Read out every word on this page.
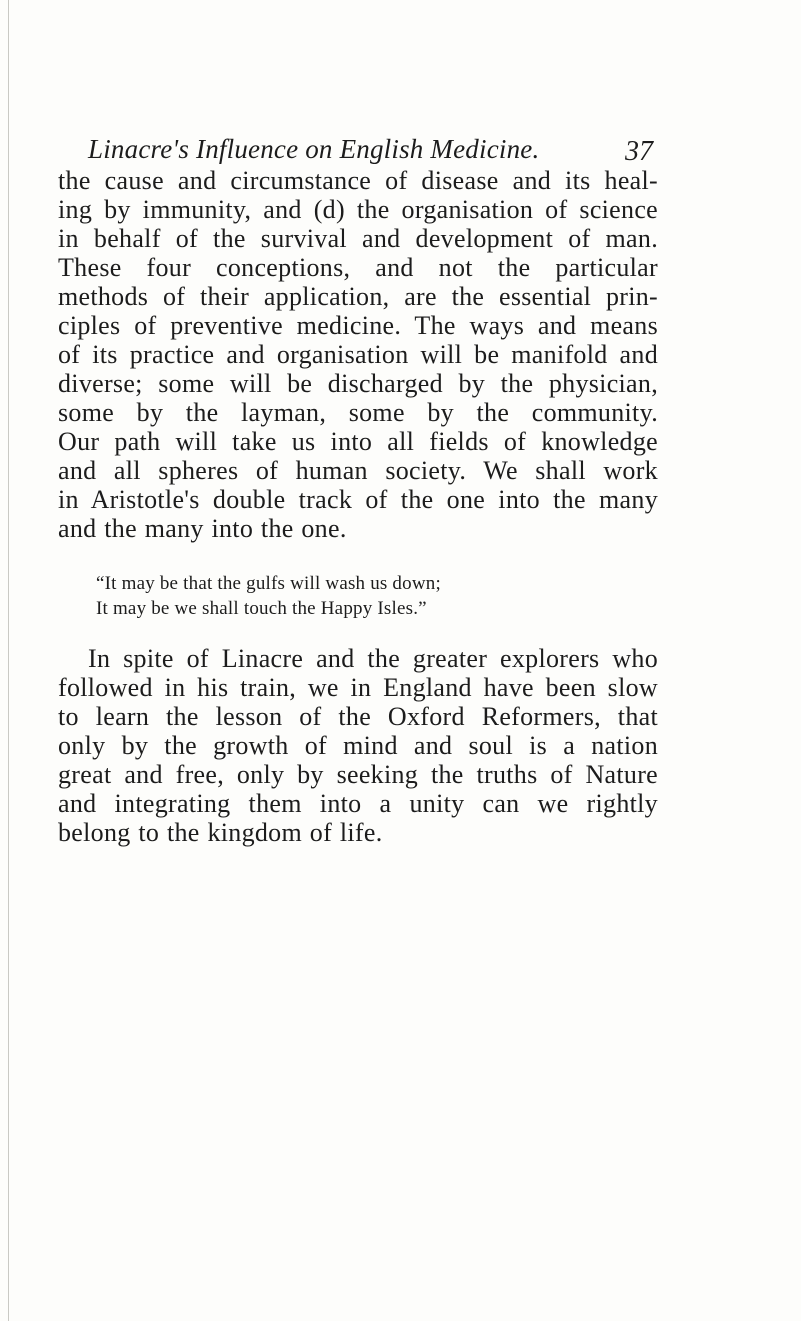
Linacre's Influence on English Medicine.	37
the cause and circumstance of disease and its heal-
ing by immunity, and (d) the organisation of science
in behalf of the survival and development of man.
These four conceptions, and not the particular
methods of their application, are the essential prin-
ciples of preventive medicine. The ways and means
of its practice and organisation will be manifold and
diverse; some will be discharged by the physician,
some by the layman, some by the community.
Our path will take us into all fields of knowledge
and all spheres of human society. We shall work
in Aristotle's double track of the one into the many
and the many into the one.
“It may be that the gulfs will wash us down;
It may be we shall touch the Happy Isles.”
In spite of Linacre and the greater explorers who
followed in his train, we in England have been slow
to learn the lesson of the Oxford Reformers, that
only by the growth of mind and soul is a nation
great and free, only by seeking the truths of Nature
and integrating them into a unity can we rightly
belong to the kingdom of life.
